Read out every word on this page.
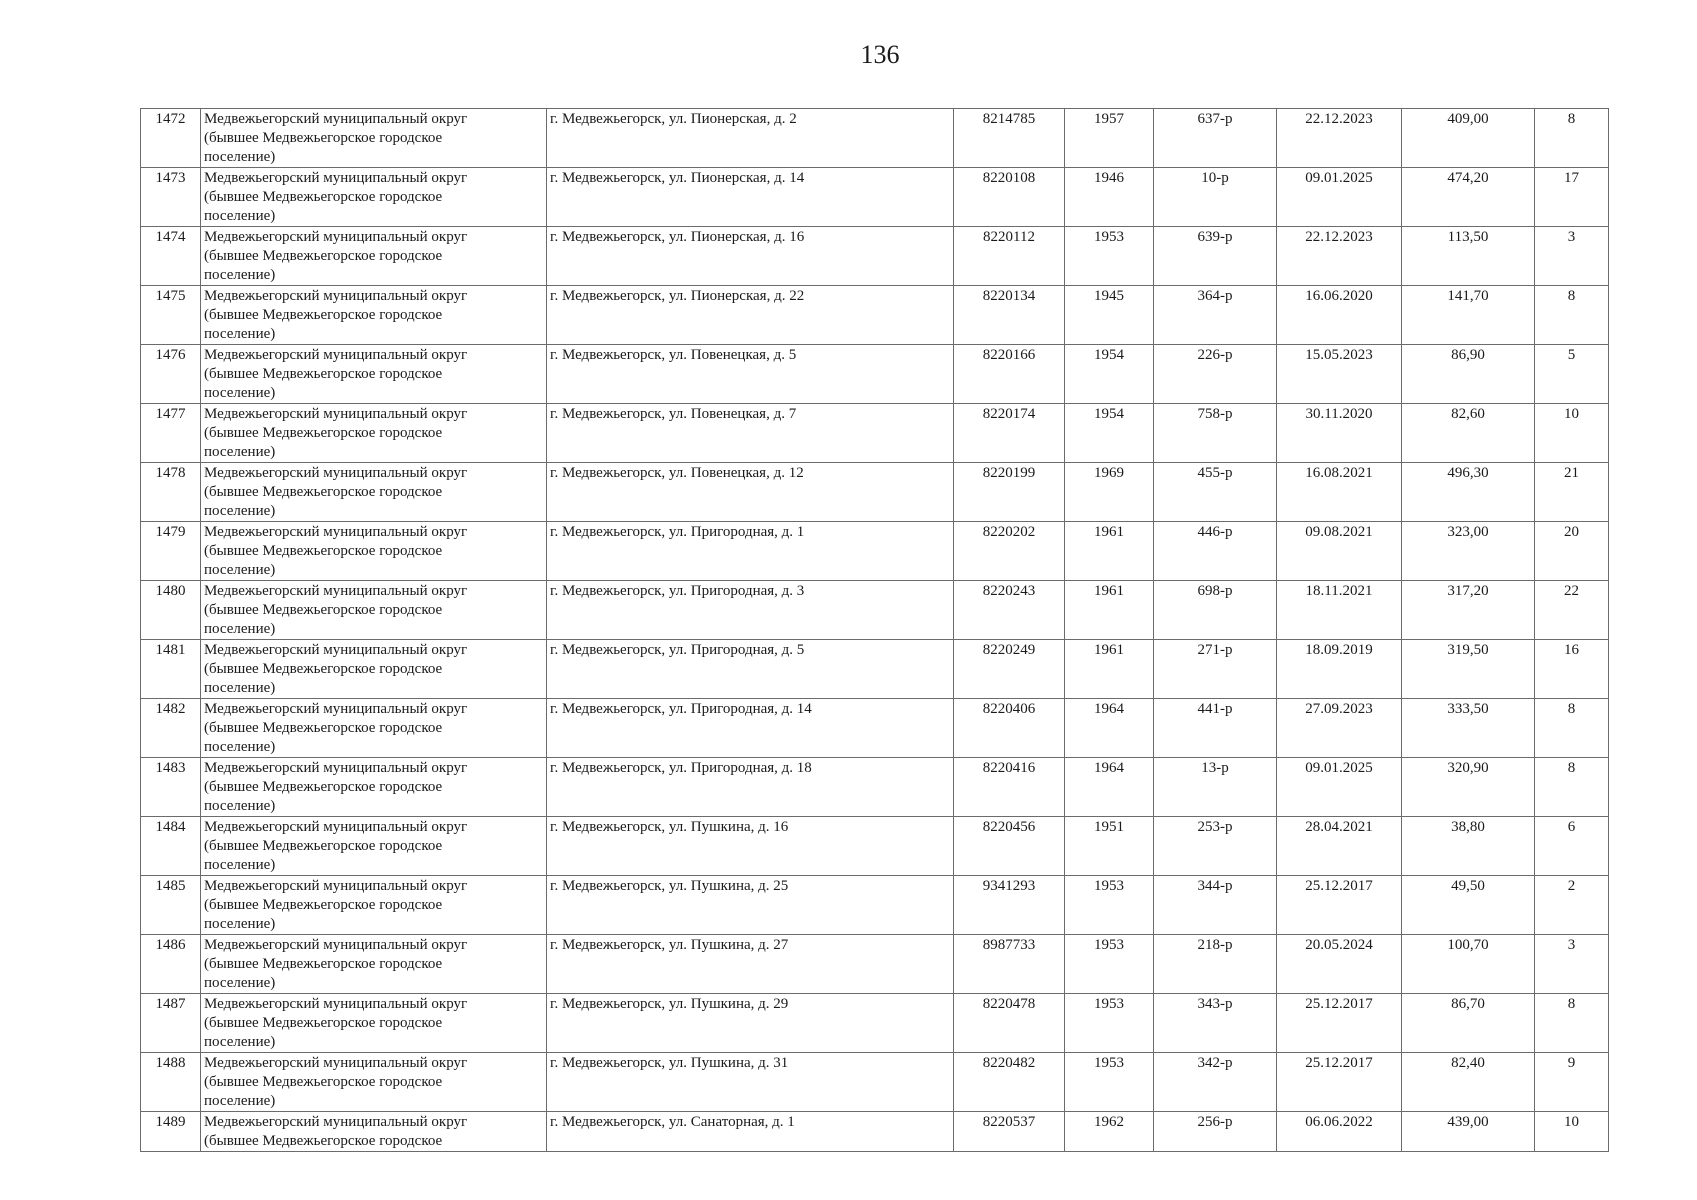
136
1472	Медвежьегорский муниципальный округ
(бывшее Медвежьегорское городское
поселение)	г. Медвежьегорск, ул. Пионерская, д. 2	8214785	1957	637-р	22.12.2023	409,00	8
1473	Медвежьегорский муниципальный округ
(бывшее Медвежьегорское городское
поселение)	г. Медвежьегорск, ул. Пионерская, д. 14	8220108	1946	10-р	09.01.2025	474,20	17
1474	Медвежьегорский муниципальный округ
(бывшее Медвежьегорское городское
поселение)	г. Медвежьегорск, ул. Пионерская, д. 16	8220112	1953	639-р	22.12.2023	113,50	3
1475	Медвежьегорский муниципальный округ
(бывшее Медвежьегорское городское
поселение)	г. Медвежьегорск, ул. Пионерская, д. 22	8220134	1945	364-р	16.06.2020	141,70	8
1476	Медвежьегорский муниципальный округ
(бывшее Медвежьегорское городское
поселение)	г. Медвежьегорск, ул. Повенецкая, д. 5	8220166	1954	226-р	15.05.2023	86,90	5
1477	Медвежьегорский муниципальный округ
(бывшее Медвежьегорское городское
поселение)	г. Медвежьегорск, ул. Повенецкая, д. 7	8220174	1954	758-р	30.11.2020	82,60	10
1478	Медвежьегорский муниципальный округ
(бывшее Медвежьегорское городское
поселение)	г. Медвежьегорск, ул. Повенецкая, д. 12	8220199	1969	455-р	16.08.2021	496,30	21
1479	Медвежьегорский муниципальный округ
(бывшее Медвежьегорское городское
поселение)	г. Медвежьегорск, ул. Пригородная, д. 1	8220202	1961	446-р	09.08.2021	323,00	20
1480	Медвежьегорский муниципальный округ
(бывшее Медвежьегорское городское
поселение)	г. Медвежьегорск, ул. Пригородная, д. 3	8220243	1961	698-р	18.11.2021	317,20	22
1481	Медвежьегорский муниципальный округ
(бывшее Медвежьегорское городское
поселение)	г. Медвежьегорск, ул. Пригородная, д. 5	8220249	1961	271-р	18.09.2019	319,50	16
1482	Медвежьегорский муниципальный округ
(бывшее Медвежьегорское городское
поселение)	г. Медвежьегорск, ул. Пригородная, д. 14	8220406	1964	441-р	27.09.2023	333,50	8
1483	Медвежьегорский муниципальный округ
(бывшее Медвежьегорское городское
поселение)	г. Медвежьегорск, ул. Пригородная, д. 18	8220416	1964	13-р	09.01.2025	320,90	8
1484	Медвежьегорский муниципальный округ
(бывшее Медвежьегорское городское
поселение)	г. Медвежьегорск, ул. Пушкина, д. 16	8220456	1951	253-р	28.04.2021	38,80	6
1485	Медвежьегорский муниципальный округ
(бывшее Медвежьегорское городское
поселение)	г. Медвежьегорск, ул. Пушкина, д. 25	9341293	1953	344-р	25.12.2017	49,50	2
1486	Медвежьегорский муниципальный округ
(бывшее Медвежьегорское городское
поселение)	г. Медвежьегорск, ул. Пушкина, д. 27	8987733	1953	218-р	20.05.2024	100,70	3
1487	Медвежьегорский муниципальный округ
(бывшее Медвежьегорское городское
поселение)	г. Медвежьегорск, ул. Пушкина, д. 29	8220478	1953	343-р	25.12.2017	86,70	8
1488	Медвежьегорский муниципальный округ
(бывшее Медвежьегорское городское
поселение)	г. Медвежьегорск, ул. Пушкина, д. 31	8220482	1953	342-р	25.12.2017	82,40	9
1489	Медвежьегорский муниципальный округ
(бывшее Медвежьегорское городское	г. Медвежьегорск, ул. Санаторная, д. 1	8220537	1962	256-р	06.06.2022	439,00	10
